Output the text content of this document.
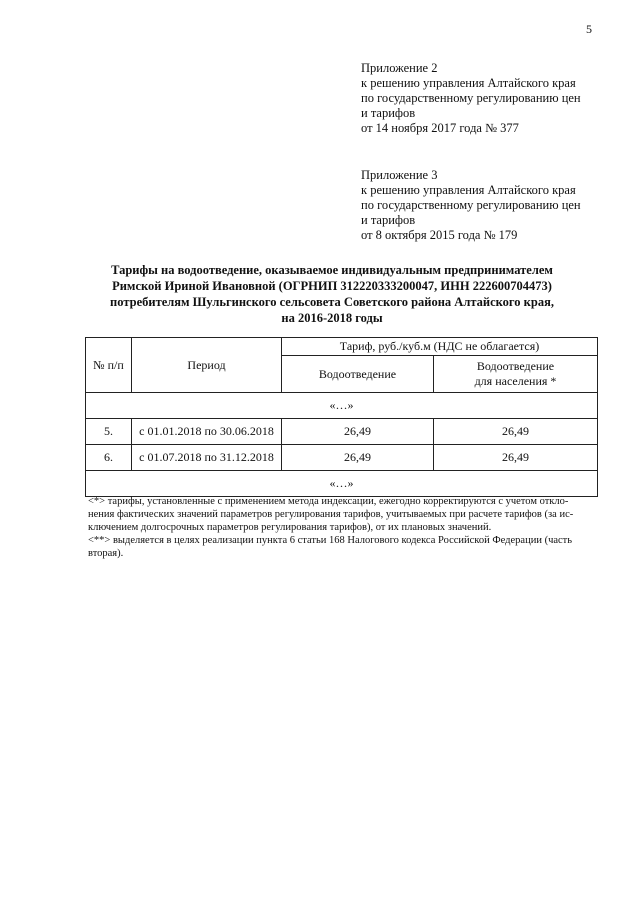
5
Приложение 2
к решению управления Алтайского края
по государственному регулированию цен
и тарифов
от 14 ноября 2017 года № 377
Приложение 3
к решению управления Алтайского края
по государственному регулированию цен
и тарифов
от 8 октября 2015 года № 179
Тарифы на водоотведение, оказываемое индивидуальным предпринимателем
Римской Ириной Ивановной (ОГРНИП 312220333200047, ИНН 222600704473)
потребителям Шульгинского сельсовета Советского района Алтайского края,
на 2016-2018 годы
№ п/п	Период	Тариф, руб./куб.м (НДС не облагается)	
		Водоотведение	Водоотведение
для населения *
«…»			
5.	с 01.01.2018 по 30.06.2018	26,49	26,49
6.	с 01.07.2018 по 31.12.2018	26,49	26,49
«…»			
<*> тарифы, установленные с применением метода индексации, ежегодно корректируются с учетом откло-
нения фактических значений параметров регулирования тарифов, учитываемых при расчете тарифов (за ис-
ключением долгосрочных параметров регулирования тарифов), от их плановых значений.
<**> выделяется в целях реализации пункта 6 статьи 168 Налогового кодекса Российской Федерации (часть
вторая).
